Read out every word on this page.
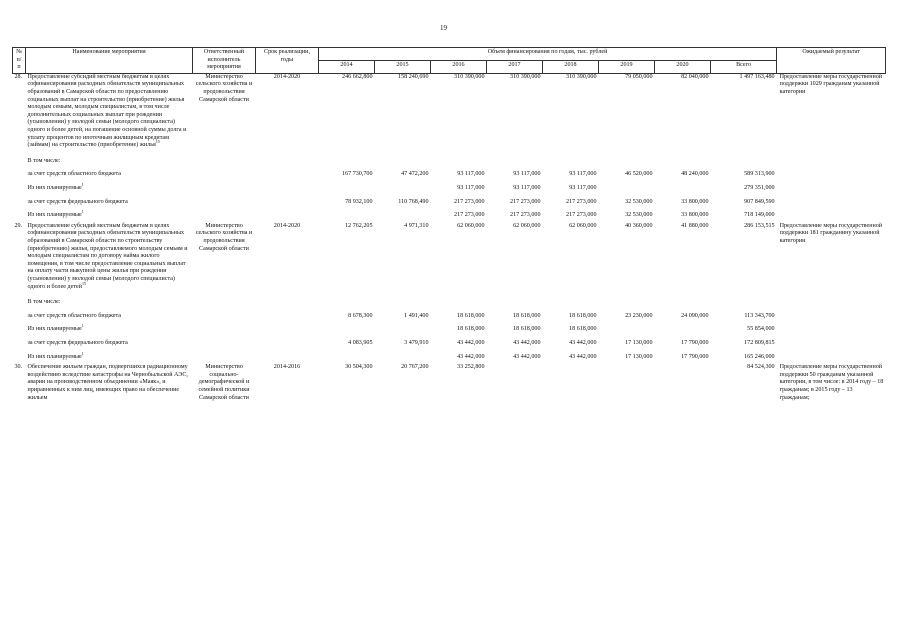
19
№ п/п	Наименование мероприятия	Ответственный исполнитель мероприятия	Срок реализации, годы	Объем финансирования по годам, тыс. рублей								Ожидаемый результат
				2014	2015	2016	2017	2018	2019	2020	Всего	
28.	Предоставление субсидий местным бюджетам в целях софинансирования расходных обязательств муниципальных образований в Самарской области по предоставлению социальных выплат на строительство (приобретение) жилья молодым семьям, молодым специалистам, в том числе дополнительных социальных выплат при рождении (усыновлении) у молодой семьи (молодого специалиста) одного и более детей, на погашение основной суммы долга и уплату процентов по ипотечным жилищным кредитам (займам) на строительство (приобретение) жилья$^{15}$	Министерство сельского хозяйства и продовольствия Самарской области	2014-2020	246 662,800	158 240,690	310 390,000	310 390,000	310 390,000	79 050,000	82 040,000	1 497 163,480	Предоставление меры государственной поддержки 1029 гражданам указанной категории
	В том числе:											
	за счет средств областного бюджета			167 730,700	47 472,200	93 117,000	93 117,000	93 117,000	46 520,000	48 240,000	589 313,900	
	Из них планируемые$^1$					93 117,000	93 117,000	93 117,000			279 351,000	
	за счет средств федерального бюджета			78 932,100	110 768,490	217 273,000	217 273,000	217 273,000	32 530,000	33 800,000	907 849,590	
	Из них планируемые$^1$					217 273,000	217 273,000	217 273,000	32 530,000	33 800,000	718 149,000	
29.	Предоставление субсидий местным бюджетам в целях софинансирования расходных обязательств муниципальных образований в Самарской области по строительству (приобретению) жилья, предоставляемого молодым семьям и молодым специалистам по договору найма жилого помещения, в том числе предоставление социальных выплат на оплату части выкупной цены жилья при рождении (усыновлении) у молодой семьи (молодого специалиста) одного и более детей$^{15}$	Министерство сельского хозяйства и продовольствия Самарской области	2014-2020	12 762,205	4 971,310	62 060,000	62 060,000	62 060,000	40 360,000	41 880,000	286 153,515	Предоставление меры государственной поддержки 181 гражданину указанной категории
	В том числе:											
	за счет средств областного бюджета			8 678,300	1 491,400	18 618,000	18 618,000	18 618,000	23 230,000	24 090,000	113 343,700	
	Из них планируемые$^1$					18 618,000	18 618,000	18 618,000			55 854,000	
	за счет средств федерального бюджета			4 083,905	3 479,910	43 442,000	43 442,000	43 442,000	17 130,000	17 790,000	172 809,815	
	Из них планируемые$^1$					43 442,000	43 442,000	43 442,000	17 130,000	17 790,000	165 246,000	
30.	Обеспечение жильем граждан, подвергшихся радиационному воздействию вследствие катастрофы на Чернобыльской АЭС, аварии на производственном объединении «Маяк», и приравненных к ним лиц, имеющих право на обеспечение жильем	Министерство социально-демографической и семейной политики Самарской области	2014-2016	30 504,300	20 767,200	33 252,800					84 524,300	Предоставление меры государственной поддержки 50 гражданам указанной категории, в том числе: в 2014 году – 18 гражданам; в 2015 году – 13 гражданам;
